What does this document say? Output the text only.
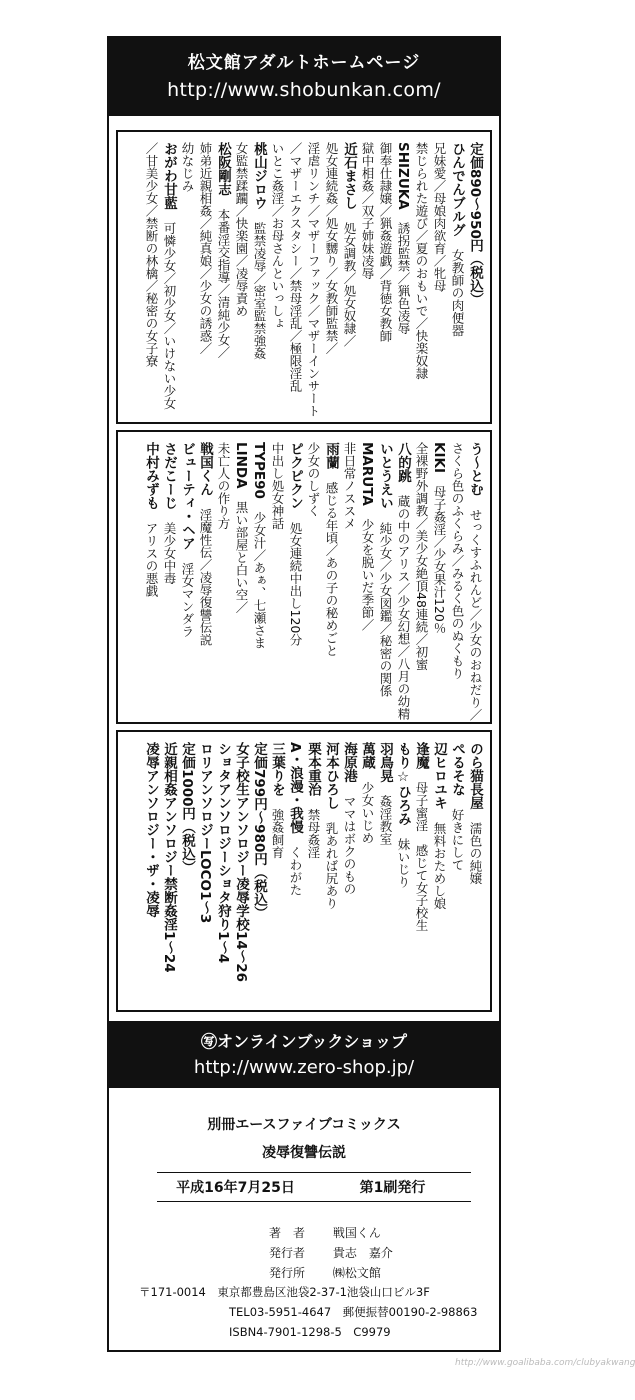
松文館アダルトホームページ
http://www.shobunkan.com/
定価890〜950円（税込）
ひんでんブルグ　女教師の肉便器
兄妹愛／母娘肉欲育／牝母
禁じられた遊び／夏のおもいで／快楽奴隷
SHIZUKA　誘拐監禁／猟色凌辱
御奉仕隷嬢／猟姦遊戯／背徳女教師
獄中相姦／双子姉妹凌辱
近石まさし　処女調教／処女奴隷／
処女連続姦／処女嬲り／女教師監禁／
淫虐リンチ／マザーファック／マザーインサート
／マザーエクスタシー／禁母淫乱／極限淫乱
いとこ姦淫／お母さんといっしょ
桃山ジロウ　監禁凌辱／密室監禁強姦
女監禁蹂躙／快楽園／凌辱責め
松阪剛志　本番淫交指導／清純少女／
姉弟近親相姦／純真娘／少女の誘惑／
幼なじみ
おがわ甘藍　可憐少女／初少女／いけない少女
／甘美少女／禁断の林檎／秘密の女子寮
う〜とむ　せっくすふれんど／少女のおねだり／
さくら色のふくらみ／みるく色のぬくもり
KIKI　母子姦淫／少女果汁120％
全裸野外調教／美少女絶頂48連続／初蜜
八的跳　蔵の中のアリス／少女幻想／八月の幼精
いとうえい　純少女／少女図鑑／秘密の関係
MARUTA　少女を脱いだ季節／
非日常ノススメ
雨蘭　感じる年頃／あの子の秘めごと
少女のしずく
ピクピクン　処女連続中出し120分
中出し処女神話
TYPE90　少女汁／あぁ、七瀬さま
LINDA　黒い部屋と白い空／
未亡人の作り方
戦国くん　淫魔性伝／凌辱復讐伝説
ビューティ・ヘア　淫女マンダラ
さだこーじ　美少女中毒
中村みずも　アリスの悪戯
のら猫長屋　濡色の純嬢
ぺるそな　好きにして
辺ヒロユキ　無料おためし娘
逢魔　母子蜜淫　感じて女子校生
もり☆ひろみ　妹いじり
羽鳥晃　姦淫教室
萬蔵　少女いじめ
海原港　ママはボクのもの
河本ひろし　乳あれば尻あり
栗本重治　禁母姦淫
A・浪漫・我慢　くわがた
三葉りを　強姦飼育
定価799円〜980円（税込）
女子校生アンソロジー凌辱学校14〜26
ショタアンソロジーショタ狩り1〜4
ロリアンソロジーLOCO1〜3
定価1000円（税込）
近親相姦アンソロジー禁断姦淫1〜24
凌辱アンソロジー・ザ・凌辱
㊢オンラインブックショップ
http://www.zero-shop.jp/
別冊エースファイブコミックス
凌辱復讐伝説
平成16年7月25日	第1刷発行
著　者 戦国くん
発行者 貴志　嘉介
発行所 ㈱松文館
〒171-0014　東京都豊島区池袋2-37-1池袋山口ビル3F
TEL03-5951-4647　郵便振替00190-2-98863
ISBN4-7901-1298-5　C9979
http://www.goalibaba.com/clubyakwang
